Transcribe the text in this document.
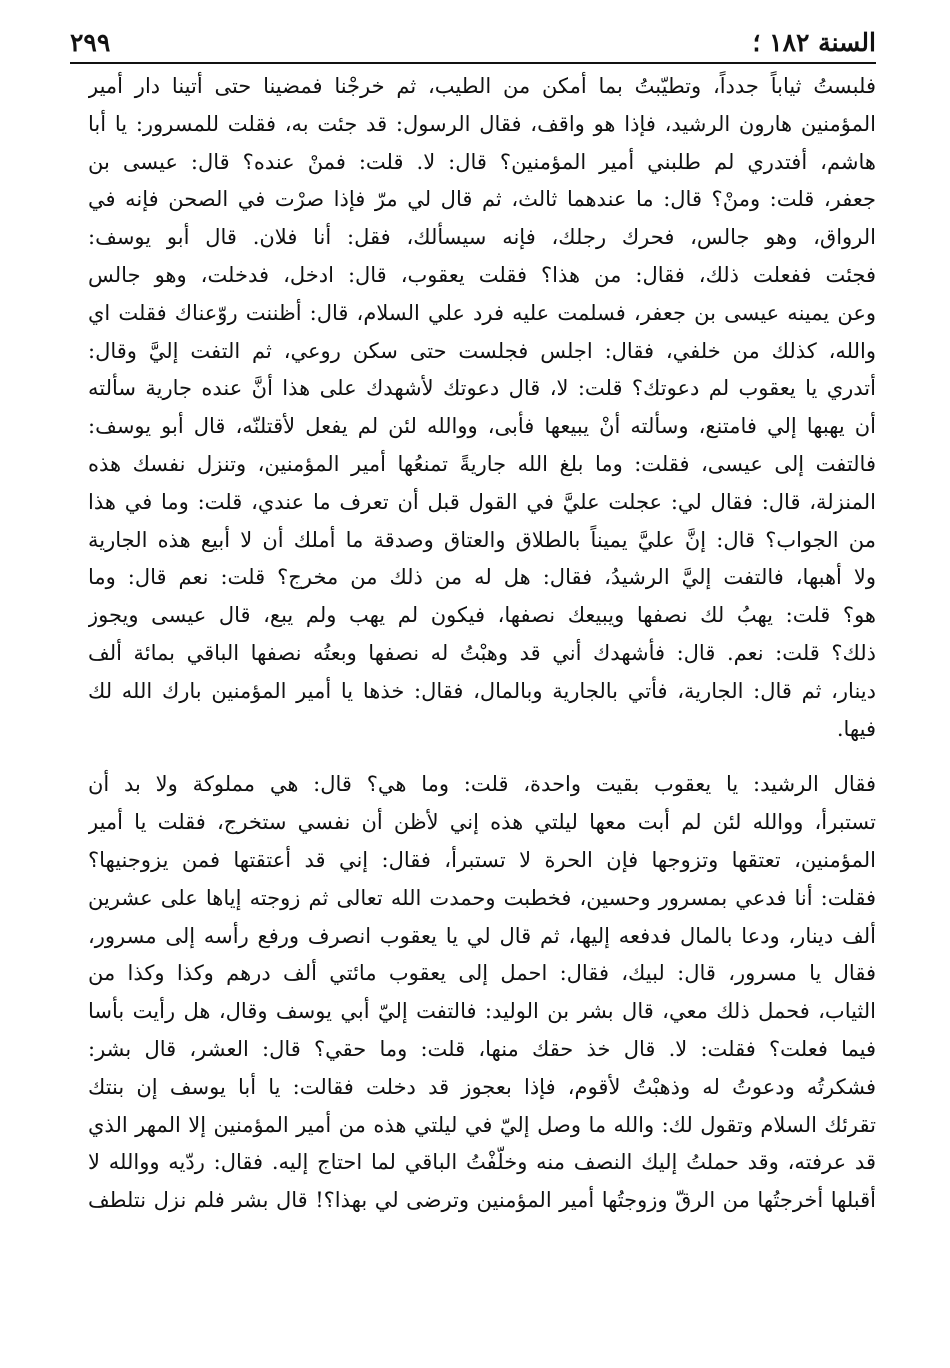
السنة ١٨٢ ؛
٢٩٩
فلبستُ ثياباً جدداً، وتطيّبتُ بما أمكن من الطيب، ثم خرجْنا فمضينا حتى أتينا دار أمير
المؤمنين هارون الرشيد، فإذا هو واقف، فقال الرسول: قد جئت به، فقلت للمسرور: يا أبا
هاشم، أفتدري لم طلبني أمير المؤمنين؟ قال: لا. قلت: فمنْ عنده؟ قال: عيسى بن
جعفر، قلت: ومنْ؟ قال: ما عندهما ثالث، ثم قال لي مرّ فإذا صرْت في الصحن فإنه في
الرواق، وهو جالس، فحرك رجلك، فإنه سيسألك، فقل: أنا فلان. قال أبو يوسف:
فجئت ففعلت ذلك، فقال: من هذا؟ فقلت يعقوب، قال: ادخل، فدخلت، وهو جالس
وعن يمينه عيسى بن جعفر، فسلمت عليه فرد علي السلام، قال: أظننت روّعناك فقلت اي
والله، كذلك من خلفي، فقال: اجلس فجلست حتى سكن روعي، ثم التفت إليَّ وقال:
أتدري يا يعقوب لم دعوتك؟ قلت: لا، قال دعوتك لأشهدك على هذا أنَّ عنده جارية سألته
أن يهبها إلي فامتنع، وسألته أنْ يبيعها فأبى، ووالله لئن لم يفعل لأقتلنّه، قال أبو يوسف:
فالتفت إلى عيسى، فقلت: وما بلغ الله جاريةً تمنعُها أمير المؤمنين، وتنزل نفسك هذه
المنزلة، قال: فقال لي: عجلت عليَّ في القول قبل أن تعرف ما عندي، قلت: وما في هذا
من الجواب؟ قال: إنَّ عليَّ يميناً بالطلاق والعتاق وصدقة ما أملك أن لا أبيع هذه الجارية
ولا أهبها، فالتفت إليَّ الرشيدُ، فقال: هل له من ذلك من مخرج؟ قلت: نعم قال: وما
هو؟ قلت: يهبُ لك نصفها ويبيعك نصفها، فيكون لم يهب ولم يبع، قال عيسى ويجوز
ذلك؟ قلت: نعم. قال: فأشهدك أني قد وهبْتُ له نصفها وبعتُه نصفها الباقي بمائة ألف
دينار، ثم قال: الجارية، فأتي بالجارية وبالمال، فقال: خذها يا أمير المؤمنين بارك الله لك
فيها.
فقال الرشيد: يا يعقوب بقيت واحدة، قلت: وما هي؟ قال: هي مملوكة ولا بد أن
تستبرأ، ووالله لئن لم أبت معها ليلتي هذه إني لأظن أن نفسي ستخرج، فقلت يا أمير
المؤمنين، تعتقها وتزوجها فإن الحرة لا تستبرأ، فقال: إني قد أعتقتها فمن يزوجنيها؟
فقلت: أنا فدعي بمسرور وحسين، فخطبت وحمدت الله تعالى ثم زوجته إياها على عشرين
ألف دينار، ودعا بالمال فدفعه إليها، ثم قال لي يا يعقوب انصرف ورفع رأسه إلى مسرور،
فقال يا مسرور، قال: لبيك، فقال: احمل إلى يعقوب مائتي ألف درهم وكذا وكذا من
الثياب، فحمل ذلك معي، قال بشر بن الوليد: فالتفت إليّ أبي يوسف وقال، هل رأيت بأسا
فيما فعلت؟ فقلت: لا. قال خذ حقك منها، قلت: وما حقي؟ قال: العشر، قال بشر:
فشكرتُه ودعوتُ له وذهبْتُ لأقوم، فإذا بعجوز قد دخلت فقالت: يا أبا يوسف إن بنتك
تقرئك السلام وتقول لك: والله ما وصل إليّ في ليلتي هذه من أمير المؤمنين إلا المهر الذي
قد عرفته، وقد حملتُ إليك النصف منه وخلّفْتُ الباقي لما احتاج إليه. فقال: ردّيه ووالله لا
أقبلها أخرجتُها من الرقّ وزوجتُها أمير المؤمنين وترضى لي بهذا؟! قال بشر فلم نزل نتلطف
